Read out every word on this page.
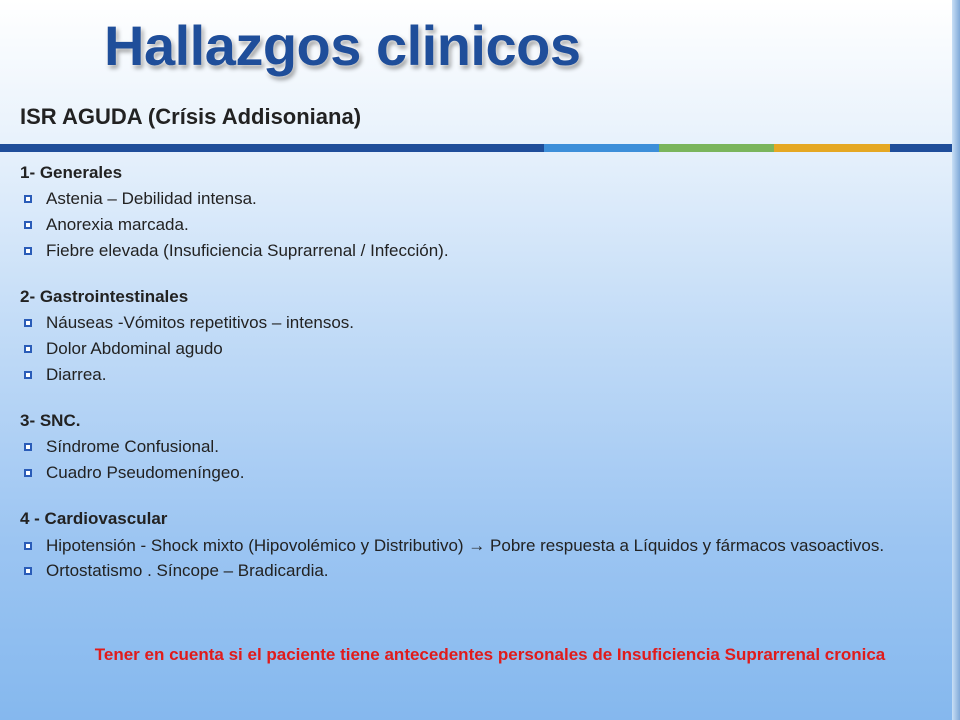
Hallazgos clinicos
ISR AGUDA (Crísis Addisoniana)
1- Generales
Astenia – Debilidad intensa.
Anorexia marcada.
Fiebre elevada (Insuficiencia Suprarrenal / Infección).
2- Gastrointestinales
Náuseas -Vómitos repetitivos – intensos.
Dolor Abdominal agudo
Diarrea.
3- SNC.
Síndrome Confusional.
Cuadro Pseudomeníngeo.
4 - Cardiovascular
Hipotensión - Shock mixto (Hipovolémico y Distributivo) → Pobre respuesta a Líquidos y fármacos vasoactivos.
Ortostatismo . Síncope – Bradicardia.
Tener en cuenta si el paciente tiene antecedentes personales de Insuficiencia Suprarrenal cronica
